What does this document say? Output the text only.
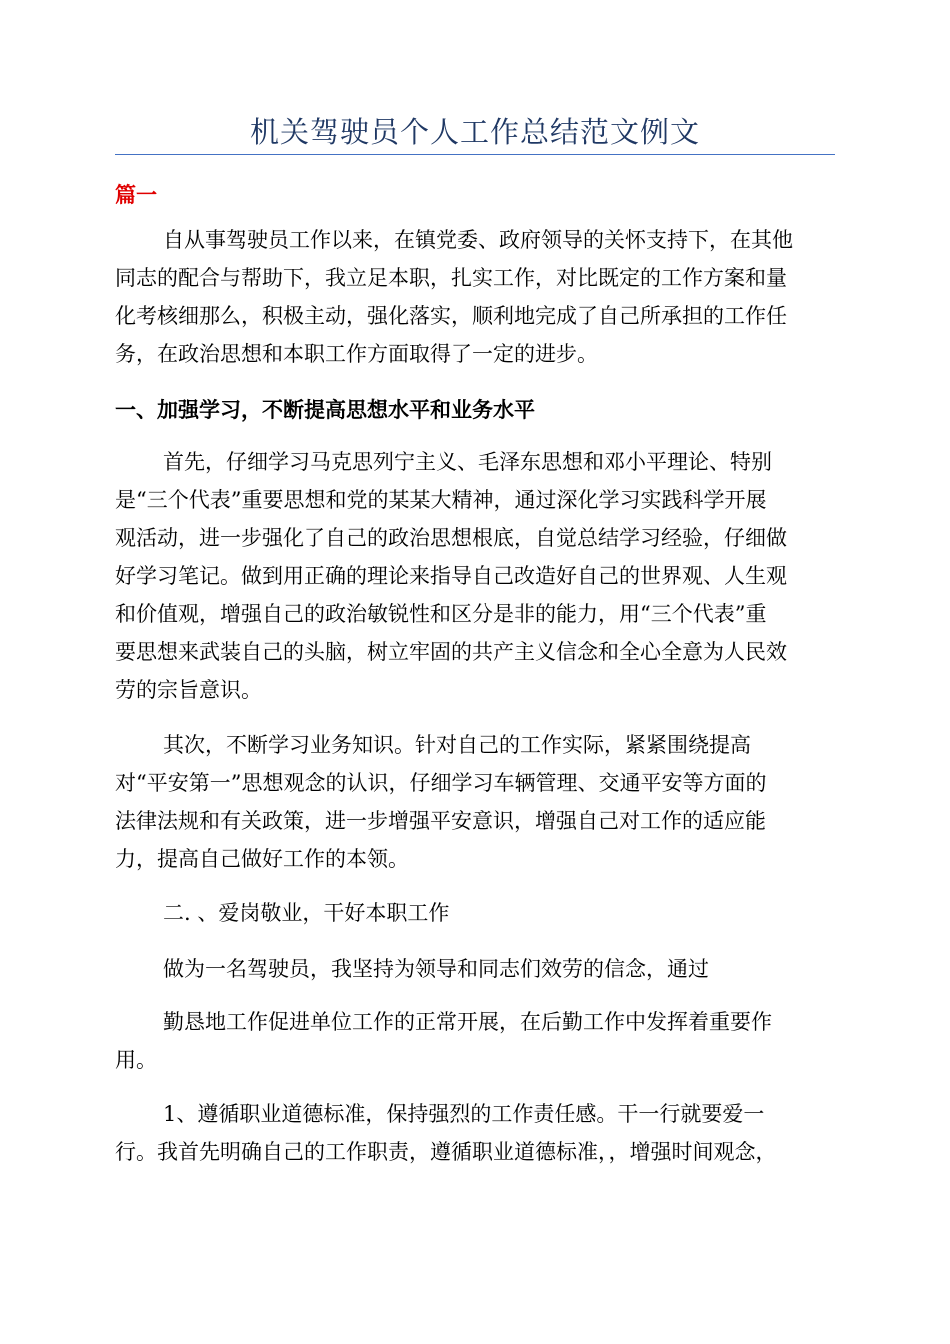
机关驾驶员个人工作总结范文例文
篇一
自从事驾驶员工作以来，在镇党委、政府领导的关怀支持下，在其他
同志的配合与帮助下，我立足本职，扎实工作，对比既定的工作方案和量
化考核细那么，积极主动，强化落实，顺利地完成了自己所承担的工作任
务，在政治思想和本职工作方面取得了一定的进步。
一、加强学习，不断提高思想水平和业务水平
首先，仔细学习马克思列宁主义、毛泽东思想和邓小平理论、特别
是“三个代表”重要思想和党的某某大精神，通过深化学习实践科学开展
观活动，进一步强化了自己的政治思想根底，自觉总结学习经验，仔细做
好学习笔记。做到用正确的理论来指导自己改造好自己的世界观、人生观
和价值观，增强自己的政治敏锐性和区分是非的能力，用“三个代表”重
要思想来武装自己的头脑，树立牢固的共产主义信念和全心全意为人民效
劳的宗旨意识。
其次，不断学习业务知识。针对自己的工作实际，紧紧围绕提高
对“平安第一”思想观念的认识，仔细学习车辆管理、交通平安等方面的
法律法规和有关政策，进一步增强平安意识，增强自己对工作的适应能
力，提高自己做好工作的本领。
二. 、爱岗敬业，干好本职工作
做为一名驾驶员，我坚持为领导和同志们效劳的信念，通过
勤恳地工作促进单位工作的正常开展，在后勤工作中发挥着重要作
用。
1、遵循职业道德标准，保持强烈的工作责任感。干一行就要爱一
行。我首先明确自己的工作职责，遵循职业道德标准，，增强时间观念，
